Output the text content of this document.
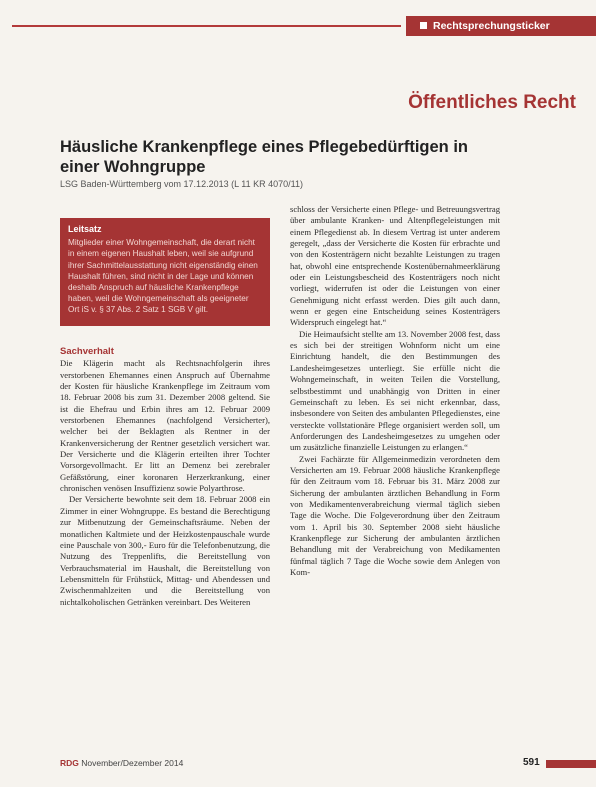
Rechtsprechungsticker
Öffentliches Recht
Häusliche Krankenpflege eines Pflegebedürftigen in einer Wohngruppe
LSG Baden-Württemberg vom 17.12.2013 (L 11 KR 4070/11)
Leitsatz
Mitglieder einer Wohngemeinschaft, die derart nicht in einem eigenen Haushalt leben, weil sie aufgrund ihrer Sachmittelausstattung nicht eigenständig einen Haushalt führen, sind nicht in der Lage und können deshalb Anspruch auf häusliche Krankenpflege haben, weil die Wohngemeinschaft als geeigneter Ort iS v. § 37 Abs. 2 Satz 1 SGB V gilt.
Sachverhalt

Die Klägerin macht als Rechtsnachfolgerin ihres verstorbenen Ehemannes einen Anspruch auf Übernahme der Kosten für häusliche Krankenpflege im Zeitraum vom 18. Februar 2008 bis zum 31. Dezember 2008 geltend. Sie ist die Ehefrau und Erbin ihres am 12. Februar 2009 verstorbenen Ehemannes (nachfolgend Versicherter), welcher bei der Beklagten als Rentner in der Krankenversicherung der Rentner gesetzlich versichert war. Der Versicherte und die Klägerin erteilten ihrer Tochter Vorsorgevollmacht. Er litt an Demenz bei zerebraler Gefäßstörung, einer koronaren Herzerkrankung, einer chronischen venösen Insuffizienz sowie Polyarthrose.

Der Versicherte bewohnte seit dem 18. Februar 2008 ein Zimmer in einer Wohngruppe. Es bestand die Berechtigung zur Mitbenutzung der Gemeinschaftsräume. Neben der monatlichen Kaltmiete und der Heizkostenpauschale wurde eine Pauschale von 300,- Euro für die Telefonbenutzung, die Nutzung des Treppenlifts, die Bereitstellung von Verbrauchsmaterial im Haushalt, die Bereitstellung von Lebensmitteln für Frühstück, Mittag- und Abendessen und Zwischenmahlzeiten und die Bereitstellung von nichtalkoholischen Getränken vereinbart. Des Weiteren

schloss der Versicherte einen Pflege- und Betreuungsvertrag über ambulante Kranken- und Altenpflegeleistungen mit einem Pflegedienst ab. In diesem Vertrag ist unter anderem geregelt, „dass der Versicherte die Kosten für erbrachte und von den Kostenträgern nicht bezahlte Leistungen zu tragen hat, obwohl eine entsprechende Kostenübernahmeerklärung oder ein Leistungsbescheid des Kostenträgers noch nicht vorliegt, widerrufen ist oder die Leistungen von einer Genehmigung nicht erfasst werden. Dies gilt auch dann, wenn er gegen eine Entscheidung seines Kostenträgers Widerspruch eingelegt hat.“

Die Heimaufsicht stellte am 13. November 2008 fest, dass es sich bei der streitigen Wohnform nicht um eine Einrichtung handelt, die den Bestimmungen des Landesheimgesetzes unterliegt. Sie erfülle nicht die Wohngemeinschaft, in weiten Teilen die Vorstellung, selbstbestimmt und unabhängig von Dritten in einer Gemeinschaft zu leben. Es sei nicht erkennbar, dass, insbesondere von Seiten des ambulanten Pflegedienstes, eine versteckte vollstationäre Pflege organisiert werden soll, um Anforderungen des Landesheimgesetzes zu umgehen oder um zusätzliche finanzielle Leistungen zu erlangen.“

Zwei Fachärzte für Allgemeinmedizin verordneten dem Versicherten am 19. Februar 2008 häusliche Krankenpflege für den Zeitraum vom 18. Februar bis 31. März 2008 zur Sicherung der ambulanten ärztlichen Behandlung in Form von Medikamentenverabreichung viermal täglich sieben Tage die Woche. Die Folgeverordnung über den Zeitraum vom 1. April bis 30. September 2008 sieht häusliche Krankenpflege zur Sicherung der ambulanten ärztlichen Behandlung mit der Verabreichung von Medikamenten fünfmal täglich 7 Tage die Woche sowie dem Anlegen von Kom-

RDG November/Dezember 2014	591
